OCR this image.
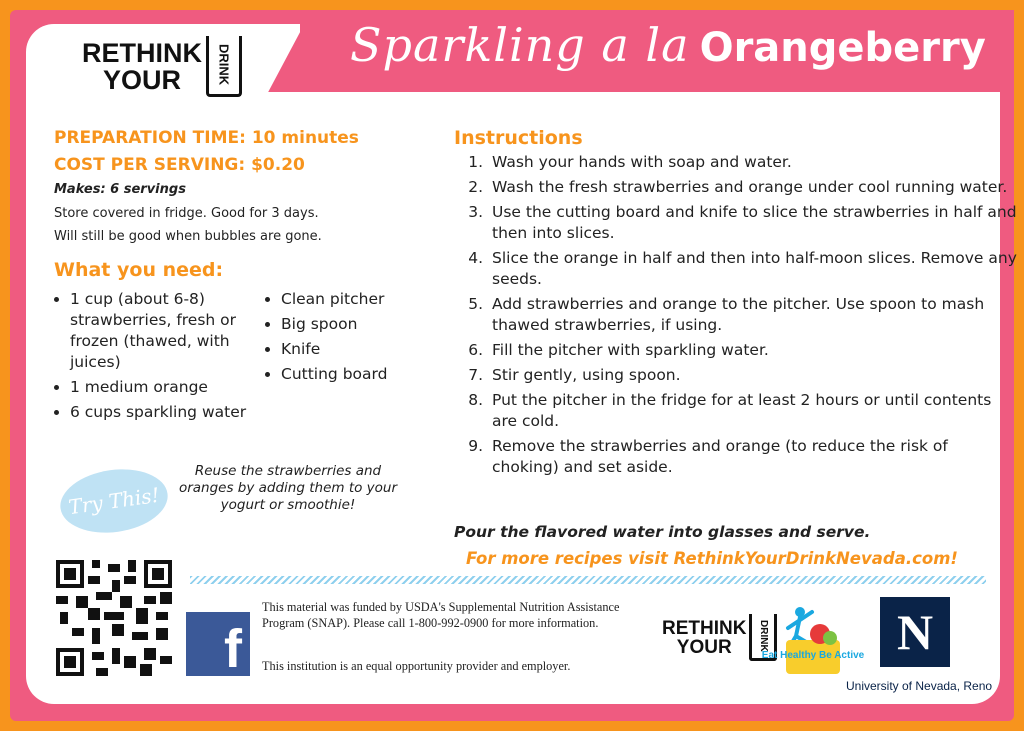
Sparkling a la Orangeberry
RETHINK
YOUR	DRINK
PREPARATION TIME: 10 minutes
COST PER SERVING: $0.20
Makes: 6 servings
Store covered in fridge. Good for 3 days.
Will still be good when bubbles are gone.
What you need:
• 1 cup (about 6-8) strawberries, fresh or frozen (thawed, with juices)
• 1 medium orange
• 6 cups sparkling water
• Clean pitcher
• Big spoon
• Knife
• Cutting board
Try This!
Reuse the strawberries and oranges by adding them to your yogurt or smoothie!
Instructions
1. Wash your hands with soap and water.
2. Wash the fresh strawberries and orange under cool running water.
3. Use the cutting board and knife to slice the strawberries in half and then into slices.
4. Slice the orange in half and then into half-moon slices. Remove any seeds.
5. Add strawberries and orange to the pitcher. Use spoon to mash thawed strawberries, if using.
6. Fill the pitcher with sparkling water.
7. Stir gently, using spoon.
8. Put the pitcher in the fridge for at least 2 hours or until contents are cold.
9. Remove the strawberries and orange (to reduce the risk of choking) and set aside.
Pour the flavored water into glasses and serve.
For more recipes visit RethinkYourDrinkNevada.com!
f
This material was funded by USDA's Supplemental Nutrition Assistance Program (SNAP). Please call 1-800-992-0900 for more information.
This institution is an equal opportunity provider and employer.
RETHINK
YOUR	DRINK
Eat Healthy Be Active N
University of Nevada, Reno
